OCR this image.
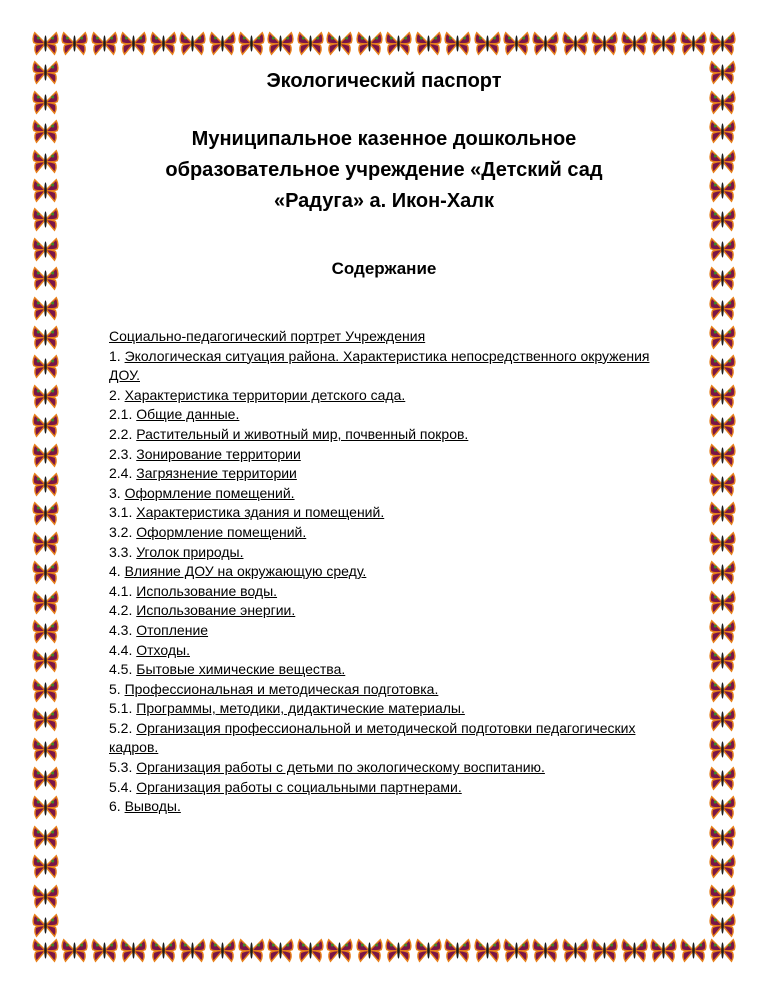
Экологический паспорт
Муниципальное казенное дошкольное образовательное учреждение «Детский сад «Радуга» а. Икон-Халк
Содержание
Социально-педагогический портрет Учреждения
1. Экологическая ситуация района. Характеристика непосредственного окружения ДОУ.
2. Характеристика территории детского сада.
2.1. Общие данные.
2.2. Растительный и животный мир, почвенный покров.
2.3. Зонирование территории
2.4. Загрязнение территории
3. Оформление помещений.
3.1. Характеристика здания и помещений.
3.2. Оформление помещений.
3.3. Уголок природы.
4. Влияние ДОУ на окружающую среду.
4.1. Использование воды.
4.2. Использование энергии.
4.3. Отопление
4.4. Отходы.
4.5. Бытовые химические вещества.
5. Профессиональная и методическая подготовка.
5.1. Программы, методики, дидактические материалы.
5.2. Организация профессиональной и методической подготовки педагогических кадров.
5.3. Организация работы с детьми по экологическому воспитанию.
5.4. Организация работы с социальными партнерами.
6. Выводы.
